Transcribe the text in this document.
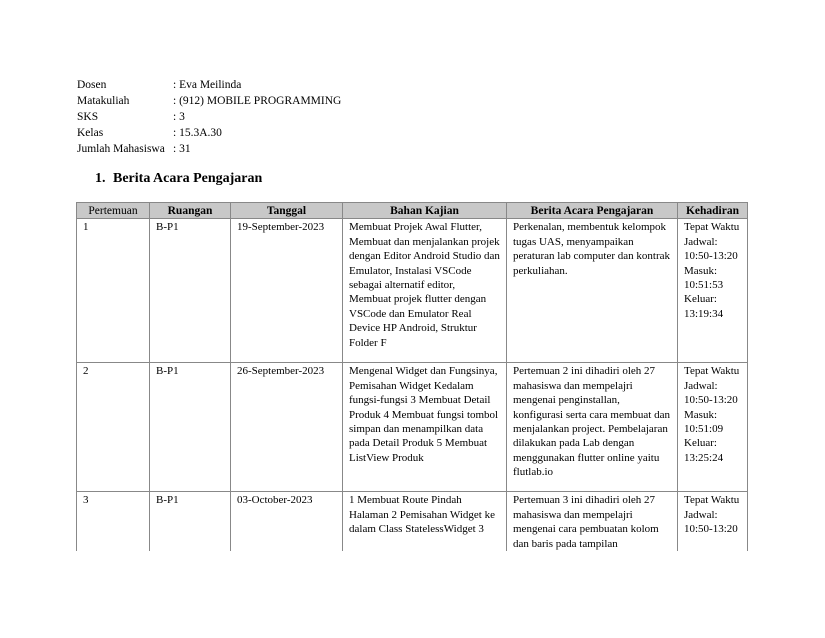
Dosen	: Eva Meilinda
Matakuliah	: (912) MOBILE PROGRAMMING
SKS	: 3
Kelas	: 15.3A.30
Jumlah Mahasiswa : 31
1. Berita Acara Pengajaran
Pertemuan	Ruangan	Tanggal	Bahan Kajian	Berita Acara Pengajaran	Kehadiran
1	B-P1	19-September-2023	Membuat Projek Awal Flutter, Membuat dan menjalankan projek dengan Editor Android Studio dan Emulator, Instalasi VSCode sebagai alternatif editor, Membuat projek flutter dengan VSCode dan Emulator Real Device HP Android, Struktur Folder F	Perkenalan, membentuk kelompok tugas UAS, menyampaikan peraturan lab computer dan kontrak perkuliahan.	Tepat Waktu Jadwal: 10:50-13:20 Masuk: 10:51:53 Keluar: 13:19:34
2	B-P1	26-September-2023	Mengenal Widget dan Fungsinya, Pemisahan Widget Kedalam fungsi-fungsi 3 Membuat Detail Produk 4 Membuat fungsi tombol simpan dan menampilkan data pada Detail Produk 5 Membuat ListView Produk	Pertemuan 2 ini dihadiri oleh 27 mahasiswa dan mempelajri mengenai penginstallan, konfigurasi serta cara membuat dan menjalankan project. Pembelajaran dilakukan pada Lab dengan menggunakan flutter online yaitu flutlab.io	Tepat Waktu Jadwal: 10:50-13:20 Masuk: 10:51:09 Keluar: 13:25:24
3	B-P1	03-October-2023	1 Membuat Route Pindah Halaman 2 Pemisahan Widget ke dalam Class StatelessWidget 3	Pertemuan 3 ini dihadiri oleh 27 mahasiswa dan mempelajri mengenai cara pembuatan kolom dan baris pada tampilan	Tepat Waktu Jadwal: 10:50-13:20
